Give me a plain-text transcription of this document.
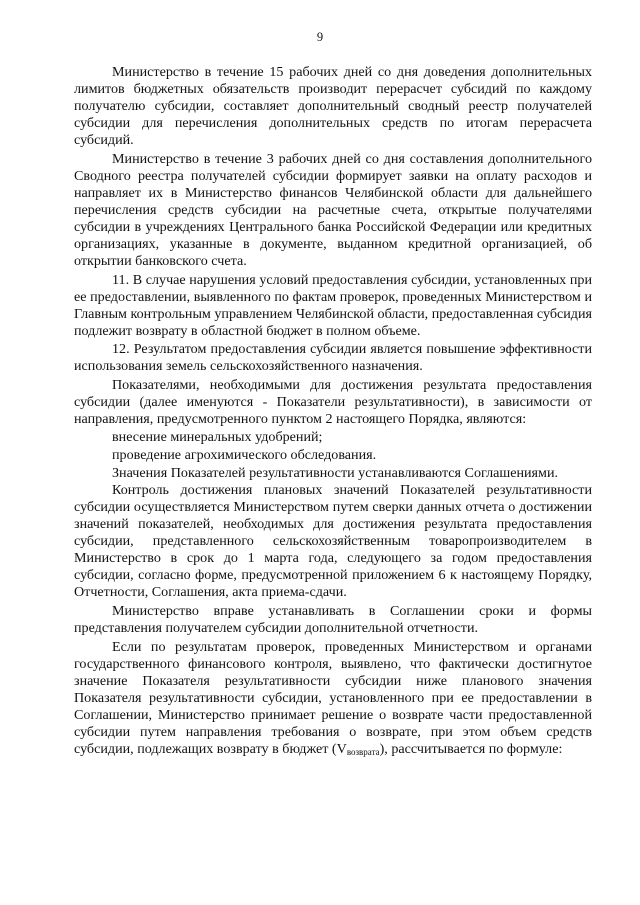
9

Министерство в течение 15 рабочих дней со дня доведения дополнительных лимитов бюджетных обязательств производит перерасчет субсидий по каждому получателю субсидии, составляет дополнительный сводный реестр получателей субсидии для перечисления дополнительных средств по итогам перерасчета субсидий.

Министерство в течение 3 рабочих дней со дня составления дополнительного Сводного реестра получателей субсидии формирует заявки на оплату расходов и направляет их в Министерство финансов Челябинской области для дальнейшего перечисления средств субсидии на расчетные счета, открытые получателями субсидии в учреждениях Центрального банка Российской Федерации или кредитных организациях, указанные в документе, выданном кредитной организацией, об открытии банковского счета.

11. В случае нарушения условий предоставления субсидии, установленных при ее предоставлении, выявленного по фактам проверок, проведенных Министерством и Главным контрольным управлением Челябинской области, предоставленная субсидия подлежит возврату в областной бюджет в полном объеме.

12. Результатом предоставления субсидии является повышение эффективности использования земель сельскохозяйственного назначения.

Показателями, необходимыми для достижения результата предоставления субсидии (далее именуются - Показатели результативности), в зависимости от направления, предусмотренного пунктом 2 настоящего Порядка, являются:

внесение минеральных удобрений;

проведение агрохимического обследования.

Значения Показателей результативности устанавливаются Соглашениями.

Контроль достижения плановых значений Показателей результативности субсидии осуществляется Министерством путем сверки данных отчета о достижении значений показателей, необходимых для достижения результата предоставления субсидии, представленного сельскохозяйственным товаропроизводителем в Министерство в срок до 1 марта года, следующего за годом предоставления субсидии, согласно форме, предусмотренной приложением 6 к настоящему Порядку, Отчетности, Соглашения, акта приема-сдачи.

Министерство вправе устанавливать в Соглашении сроки и формы представления получателем субсидии дополнительной отчетности.

Если по результатам проверок, проведенных Министерством и органами государственного финансового контроля, выявлено, что фактически достигнутое значение Показателя результативности субсидии ниже планового значения Показателя результативности субсидии, установленного при ее предоставлении в Соглашении, Министерство принимает решение о возврате части предоставленной субсидии путем направления требования о возврате, при этом объем средств субсидии, подлежащих возврату в бюджет $(V_{возврата})$, рассчитывается по формуле:
